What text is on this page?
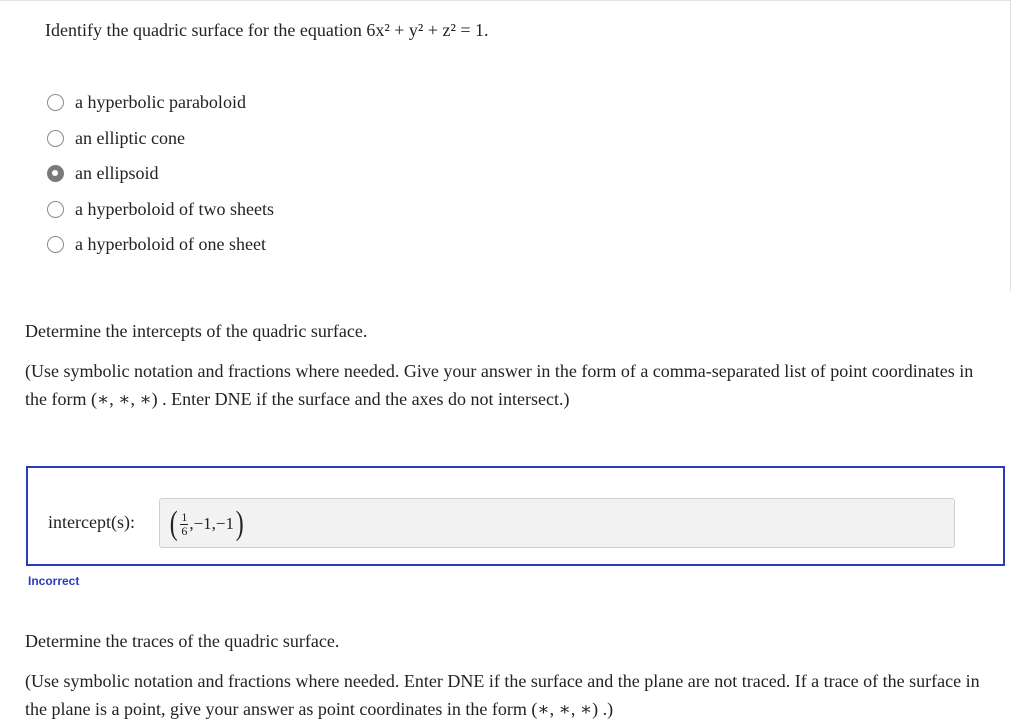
Identify the quadric surface for the equation 6x² + y² + z² = 1.
a hyperbolic paraboloid
an elliptic cone
an ellipsoid
a hyperboloid of two sheets
a hyperboloid of one sheet
Determine the intercepts of the quadric surface.
(Use symbolic notation and fractions where needed. Give your answer in the form of a comma-separated list of point coordinates in the form (∗, ∗, ∗) . Enter DNE if the surface and the axes do not intersect.)
intercept(s): ( $\frac{1}{6} ,-1,-1$ )
Incorrect
Determine the traces of the quadric surface.
(Use symbolic notation and fractions where needed. Enter DNE if the surface and the plane are not traced. If a trace of the surface in the plane is a point, give your answer as point coordinates in the form (∗, ∗, ∗) .)
